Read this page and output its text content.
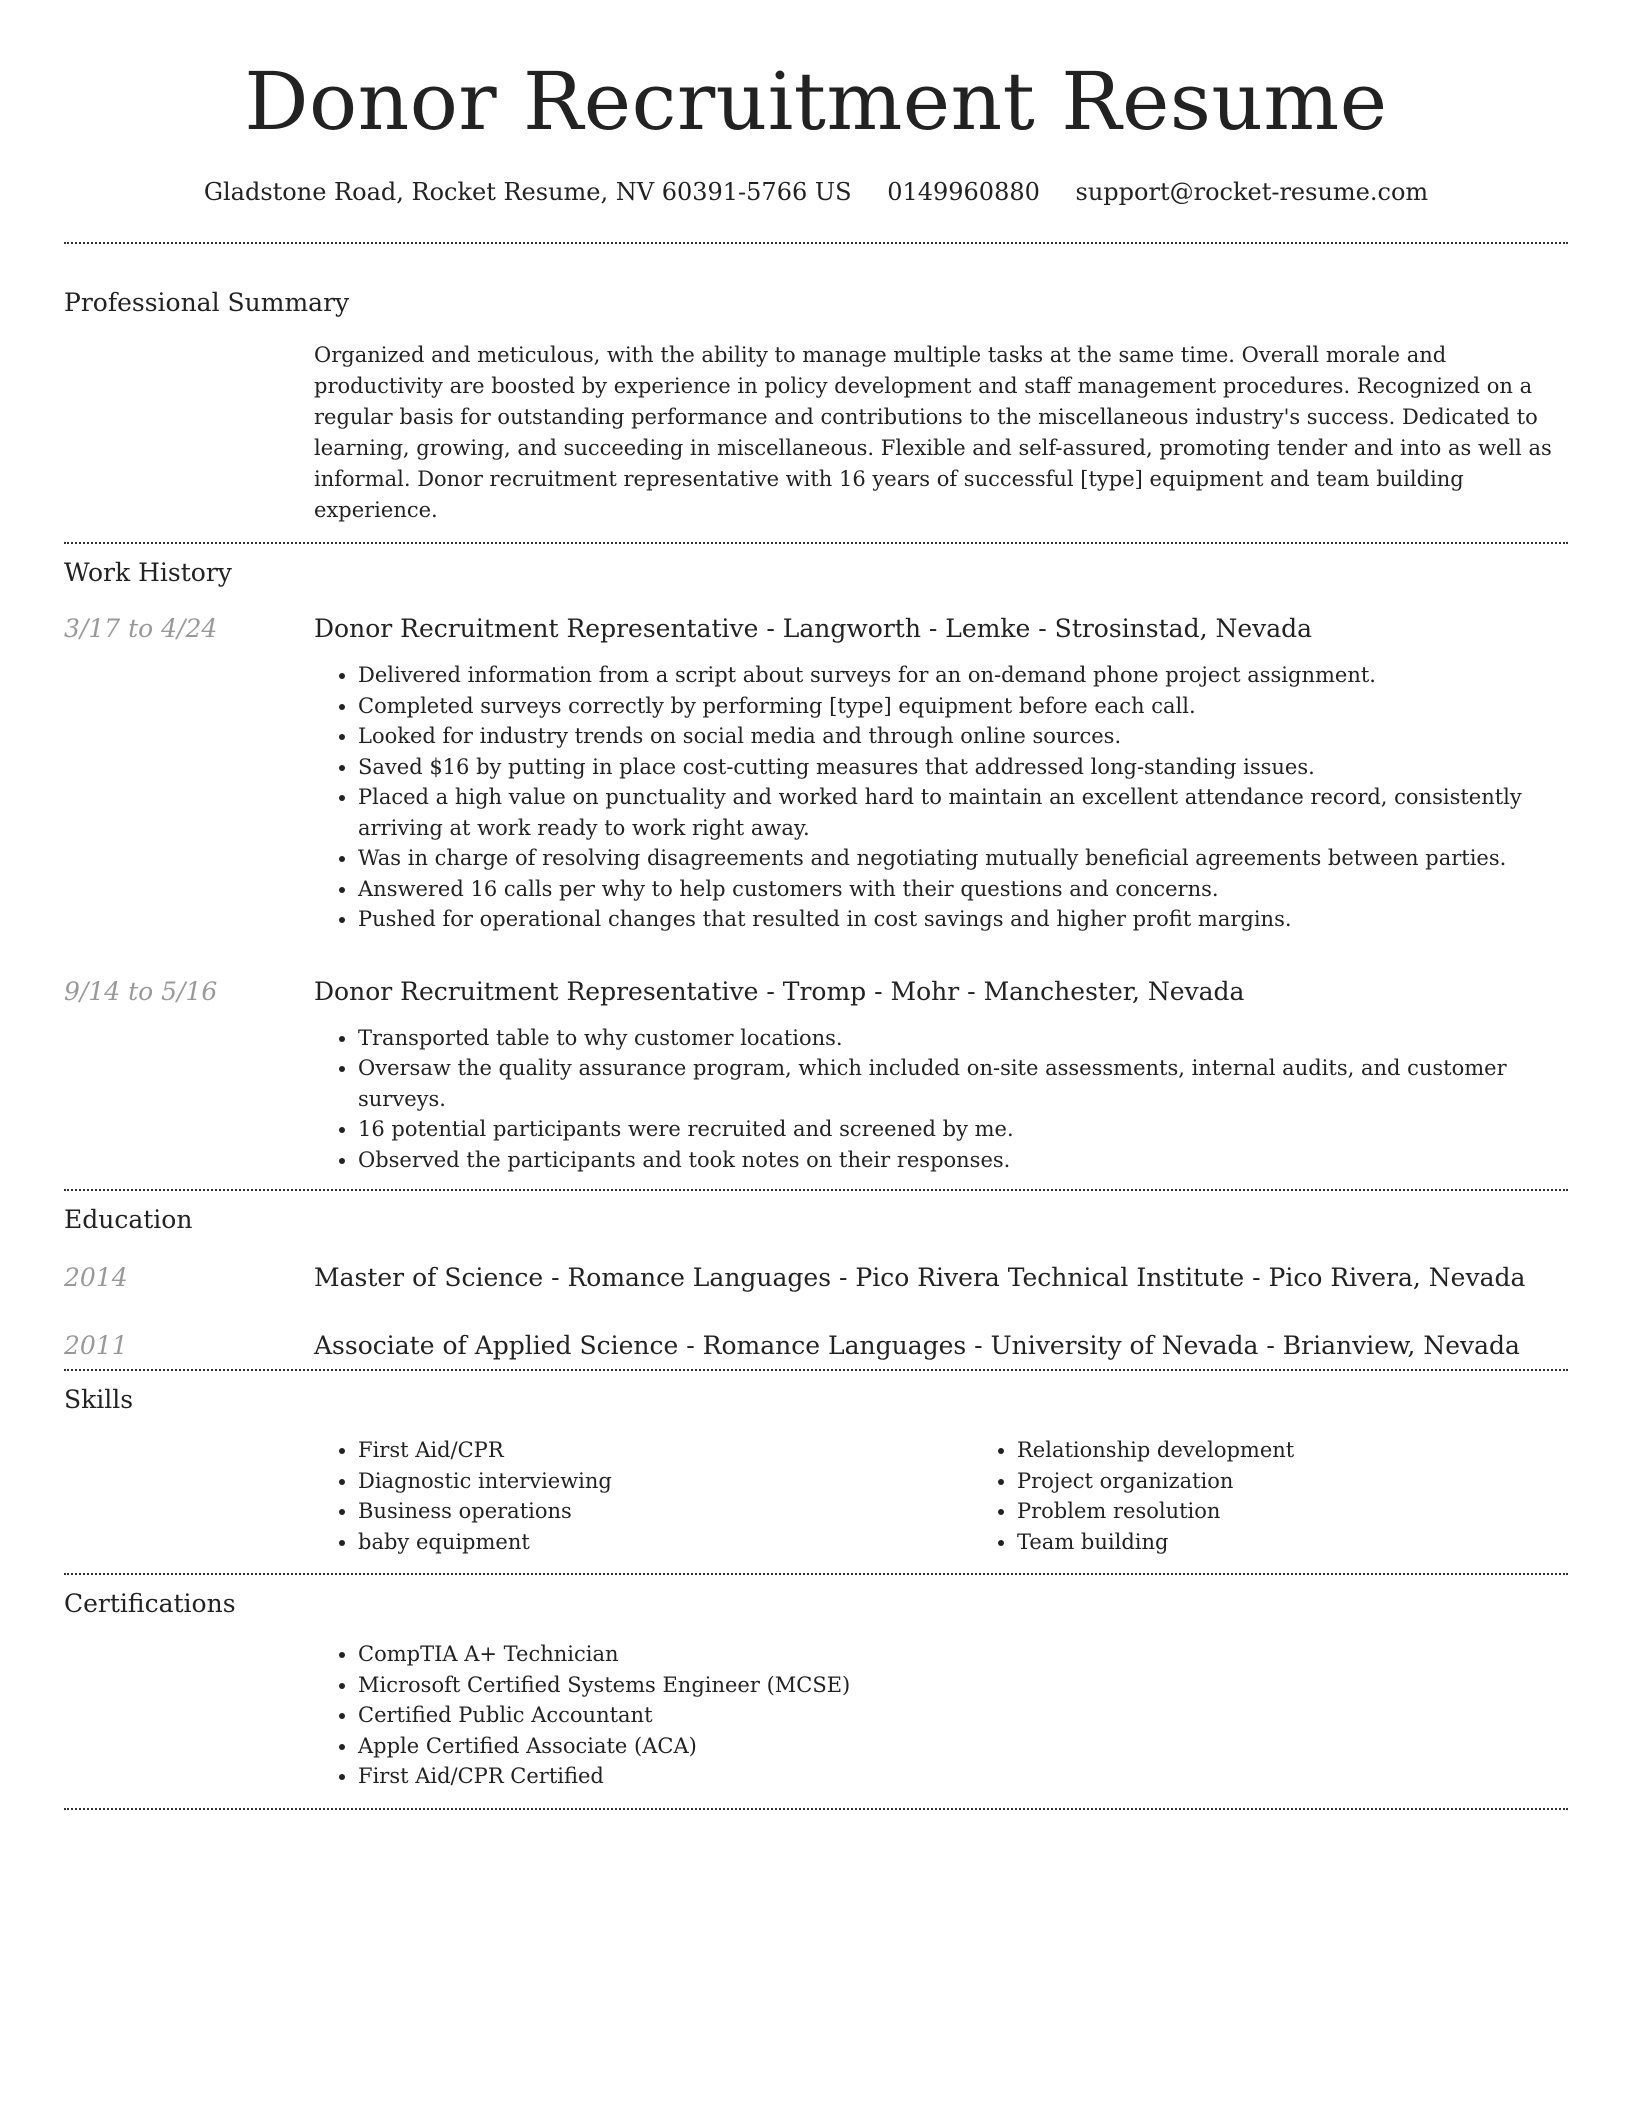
Donor Recruitment Resume
Gladstone Road, Rocket Resume, NV 60391-5766 US 0149960880 support@rocket-resume.com
Professional Summary

Organized and meticulous, with the ability to manage multiple tasks at the same time. Overall morale and productivity are boosted by experience in policy development and staff management procedures. Recognized on a regular basis for outstanding performance and contributions to the miscellaneous industry's success. Dedicated to learning, growing, and succeeding in miscellaneous. Flexible and self-assured, promoting tender and into as well as informal. Donor recruitment representative with 16 years of successful [type] equipment and team building experience.

Work History
3/17 to 4/24	Donor Recruitment Representative - Langworth - Lemke - Strosinstad, Nevada
• Delivered information from a script about surveys for an on-demand phone project assignment.
• Completed surveys correctly by performing [type] equipment before each call.
• Looked for industry trends on social media and through online sources.
• Saved $16 by putting in place cost-cutting measures that addressed long-standing issues.
• Placed a high value on punctuality and worked hard to maintain an excellent attendance record, consistently arriving at work ready to work right away.
• Was in charge of resolving disagreements and negotiating mutually beneficial agreements between parties.
• Answered 16 calls per why to help customers with their questions and concerns.
• Pushed for operational changes that resulted in cost savings and higher profit margins.
9/14 to 5/16	Donor Recruitment Representative - Tromp - Mohr - Manchester, Nevada
• Transported table to why customer locations.
• Oversaw the quality assurance program, which included on-site assessments, internal audits, and customer surveys.
• 16 potential participants were recruited and screened by me.
• Observed the participants and took notes on their responses.
Education
2014	Master of Science - Romance Languages - Pico Rivera Technical Institute - Pico Rivera, Nevada
2011	Associate of Applied Science - Romance Languages - University of Nevada - Brianview, Nevada
Skills
• First Aid/CPR
• Diagnostic interviewing
• Business operations
• baby equipment
• Relationship development
• Project organization
• Problem resolution
• Team building
Certifications
• CompTIA A+ Technician
• Microsoft Certified Systems Engineer (MCSE)
• Certified Public Accountant
• Apple Certified Associate (ACA)
• First Aid/CPR Certified
